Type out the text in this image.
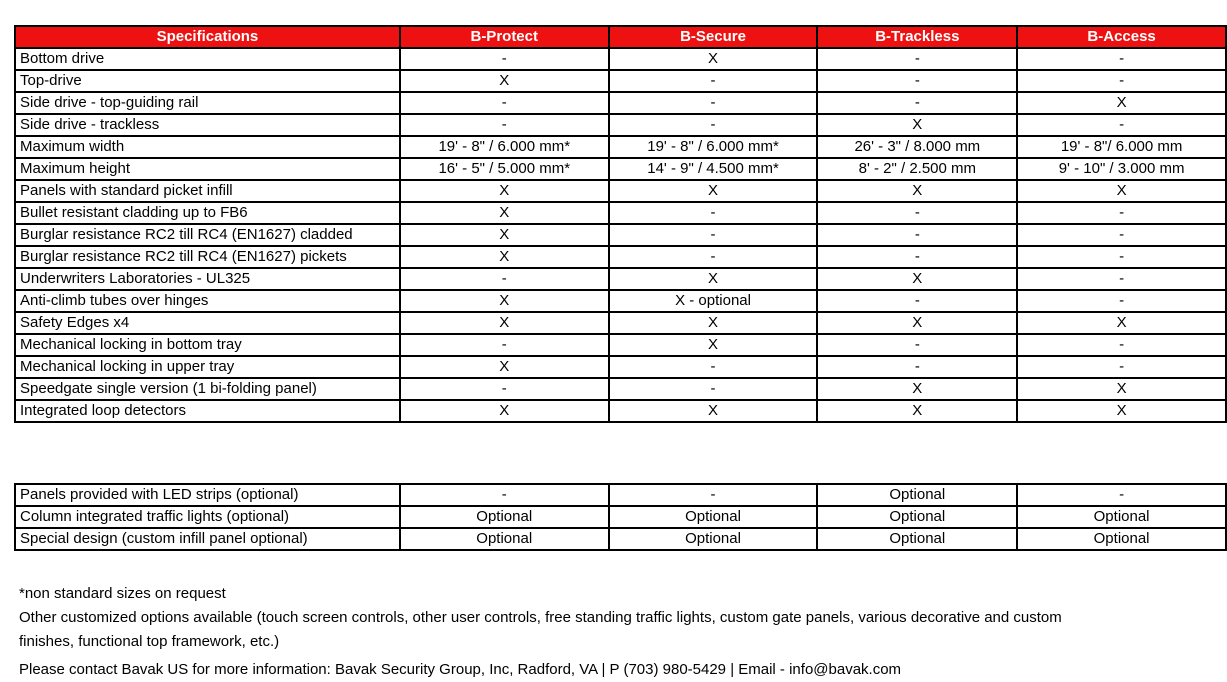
Specifications	B-Protect	B-Secure	B-Trackless	B-Access
Bottom drive	-	X	-	-
Top-drive	X	-	-	-
Side drive - top-guiding rail	-	-	-	X
Side drive - trackless	-	-	X	-
Maximum width	19' - 8" / 6.000 mm*	19' - 8" / 6.000 mm*	26' - 3" / 8.000 mm	19' - 8"/ 6.000 mm
Maximum height	16' - 5" / 5.000 mm*	14' - 9" / 4.500 mm*	8' - 2" / 2.500 mm	9' - 10" / 3.000 mm
Panels with standard picket infill	X	X	X	X
Bullet resistant cladding up to FB6	X	-	-	-
Burglar resistance RC2 till RC4 (EN1627) cladded	X	-	-	-
Burglar resistance RC2 till RC4 (EN1627) pickets	X	-	-	-
Underwriters Laboratories - UL325	-	X	X	-
Anti-climb tubes over hinges	X	X - optional	-	-
Safety Edges x4	X	X	X	X
Mechanical locking in bottom tray	-	X	-	-
Mechanical locking in upper tray	X	-	-	-
Speedgate single version (1 bi-folding panel)	-	-	X	X
Integrated loop detectors	X	X	X	X
Panels provided with LED strips (optional)	-	-	Optional	-
Column integrated traffic lights (optional)	Optional	Optional	Optional	Optional
Special design (custom infill panel optional)	Optional	Optional	Optional	Optional
*non standard sizes on request
Other customized options available (touch screen controls, other user controls, free standing traffic lights, custom gate panels, various decorative and custom
finishes, functional top framework, etc.)
Please contact Bavak US for more information: Bavak Security Group, Inc, Radford, VA | P (703) 980-5429 | Email - info@bavak.com
